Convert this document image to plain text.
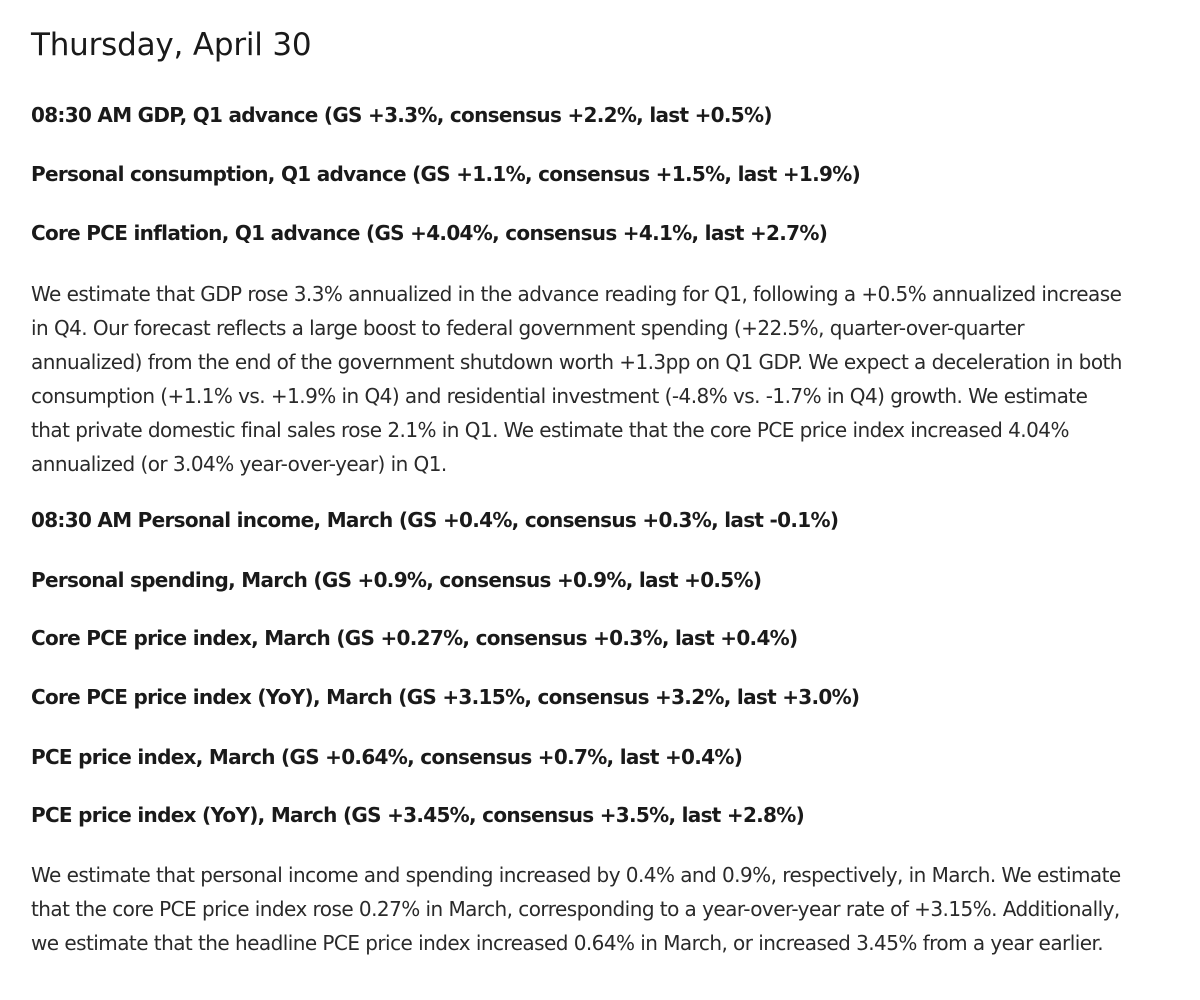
Thursday, April 30

08:30 AM GDP, Q1 advance (GS +3.3%, consensus +2.2%, last +0.5%)

Personal consumption, Q1 advance (GS +1.1%, consensus +1.5%, last +1.9%)

Core PCE inflation, Q1 advance (GS +4.04%, consensus +4.1%, last +2.7%)

We estimate that GDP rose 3.3% annualized in the advance reading for Q1, following a +0.5% annualized increase in Q4. Our forecast reflects a large boost to federal government spending (+22.5%, quarter-over-quarter annualized) from the end of the government shutdown worth +1.3pp on Q1 GDP. We expect a deceleration in both consumption (+1.1% vs. +1.9% in Q4) and residential investment (-4.8% vs. -1.7% in Q4) growth. We estimate that private domestic final sales rose 2.1% in Q1. We estimate that the core PCE price index increased 4.04% annualized (or 3.04% year-over-year) in Q1.

08:30 AM Personal income, March (GS +0.4%, consensus +0.3%, last -0.1%)

Personal spending, March (GS +0.9%, consensus +0.9%, last +0.5%)

Core PCE price index, March (GS +0.27%, consensus +0.3%, last +0.4%)

Core PCE price index (YoY), March (GS +3.15%, consensus +3.2%, last +3.0%)

PCE price index, March (GS +0.64%, consensus +0.7%, last +0.4%)

PCE price index (YoY), March (GS +3.45%, consensus +3.5%, last +2.8%)

We estimate that personal income and spending increased by 0.4% and 0.9%, respectively, in March. We estimate that the core PCE price index rose 0.27% in March, corresponding to a year-over-year rate of +3.15%. Additionally, we estimate that the headline PCE price index increased 0.64% in March, or increased 3.45% from a year earlier.
